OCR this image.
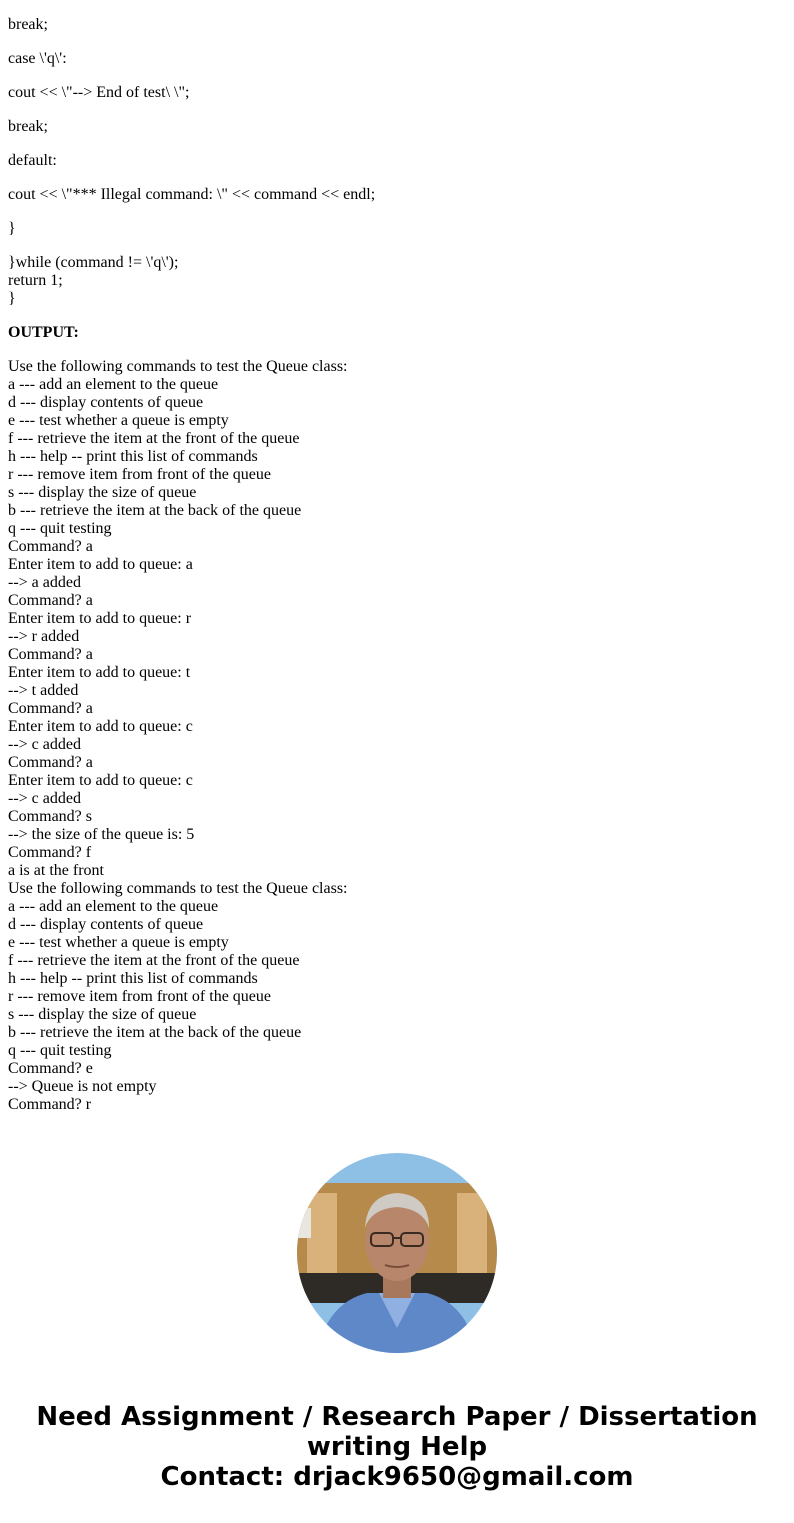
break;
case \'q\':
cout << \"--> End of test\ \";
break;
default:
cout << \"*** Illegal command: \" << command << endl;
}
}while (command != \'q\');
return 1;
}
OUTPUT:
Use the following commands to test the Queue class:
a --- add an element to the queue
d --- display contents of queue
e --- test whether a queue is empty
f --- retrieve the item at the front of the queue
h --- help -- print this list of commands
r --- remove item from front of the queue
s --- display the size of queue
b --- retrieve the item at the back of the queue
q --- quit testing
Command? a
Enter item to add to queue: a
--> a added
Command? a
Enter item to add to queue: r
--> r added
Command? a
Enter item to add to queue: t
--> t added
Command? a
Enter item to add to queue: c
--> c added
Command? a
Enter item to add to queue: c
--> c added
Command? s
--> the size of the queue is: 5
Command? f
a is at the front
Use the following commands to test the Queue class:
a --- add an element to the queue
d --- display contents of queue
e --- test whether a queue is empty
f --- retrieve the item at the front of the queue
h --- help -- print this list of commands
r --- remove item from front of the queue
s --- display the size of queue
b --- retrieve the item at the back of the queue
q --- quit testing
Command? e
--> Queue is not empty
Command? r
Need Assignment / Research Paper / Dissertation
writing Help
Contact: drjack9650@gmail.com
